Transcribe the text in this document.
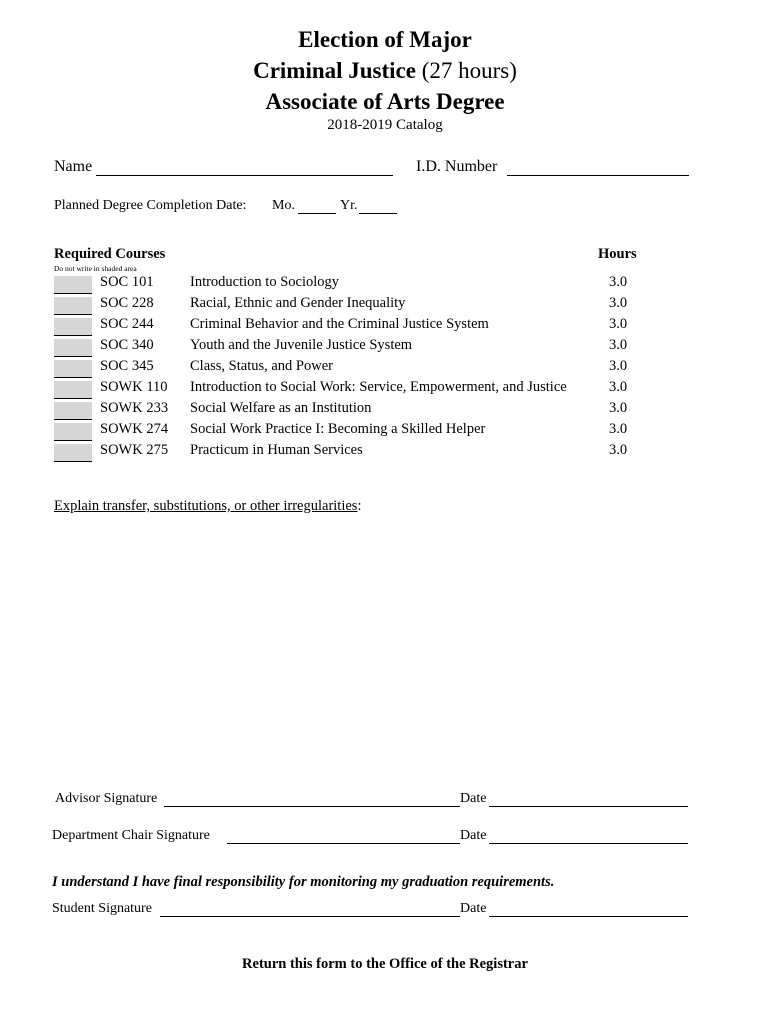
Election of Major
Criminal Justice (27 hours)
Associate of Arts Degree
2018-2019 Catalog
Name	I.D. Number
Planned Degree Completion Date: Mo.	Yr.
Required Courses	Hours
Do not write in shaded area
SOC 101	Introduction to Sociology	3.0
SOC 228	Racial, Ethnic and Gender Inequality	3.0
SOC 244	Criminal Behavior and the Criminal Justice System	3.0
SOC 340	Youth and the Juvenile Justice System	3.0
SOC 345	Class, Status, and Power	3.0
SOWK 110 Introduction to Social Work: Service, Empowerment, and Justice	3.0
SOWK 233 Social Welfare as an Institution	3.0
SOWK 274 Social Work Practice I: Becoming a Skilled Helper	3.0
SOWK 275 Practicum in Human Services	3.0
Explain transfer, substitutions, or other irregularities:
Advisor Signature	Date
Department Chair Signature	Date
I understand I have final responsibility for monitoring my graduation requirements.
Student Signature	Date
Return this form to the Office of the Registrar
